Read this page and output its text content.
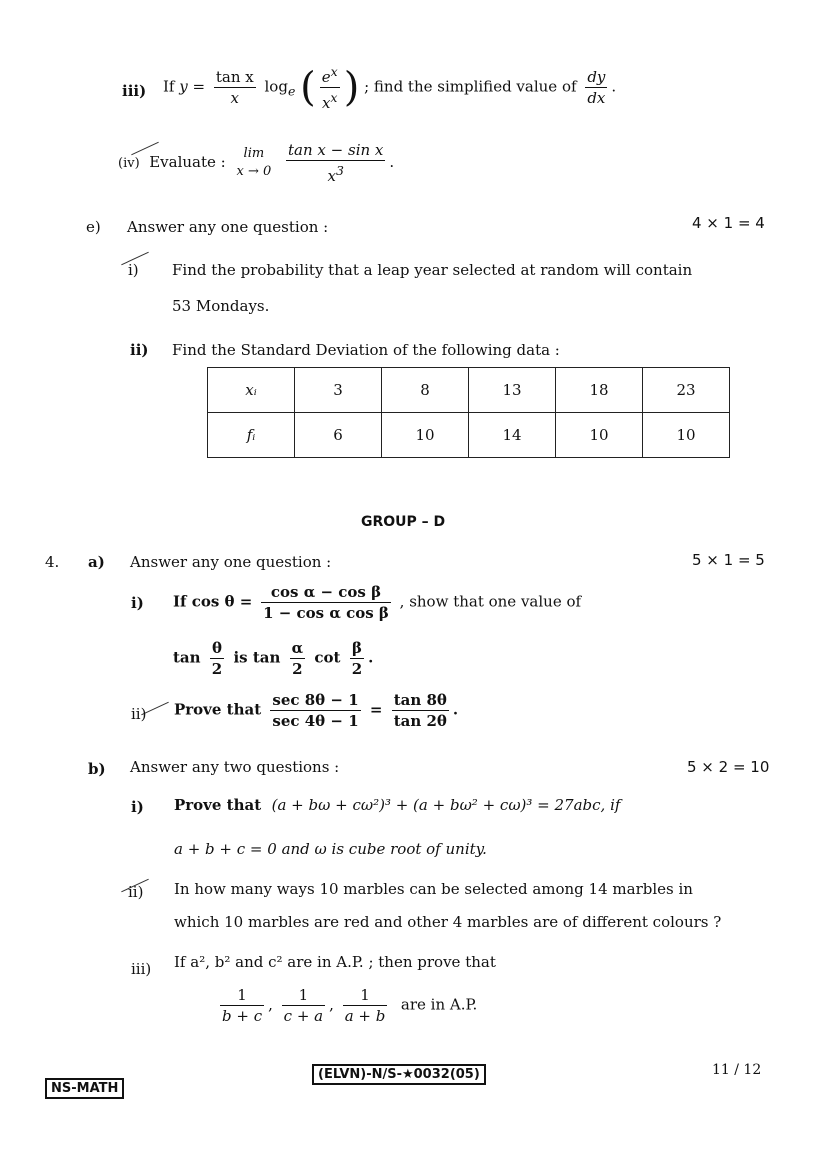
iii) If $y = \frac{\text{tan x}}{x} \log_e$ ( $\frac{e^x}{x^x}$ ) ; find the simplified value of $\frac{dy}{dx}$ .
(iv) Evaluate :	lim
x → 0
$\frac{\text{tan x − sin x}}{x^3}$ .
e) Answer any one question :	4 × 1 = 4
i) Find the probability that a leap year selected at random will contain
53 Mondays.
ii) Find the Standard Deviation of the following data :
xᵢ	3	8	13	18	23
fᵢ	6	10	14	10	10
GROUP – D
4. a) Answer any one question :	5 × 1 = 5
i) If $\cos \theta = \frac{\text{cos α − cos β}}{\text{1 − cos α cos β}}$ , show that one value of
$\tan \frac{\theta}{2}$ is $\tan \frac{\alpha}{2}$ $\cot \frac{\beta}{2}$ .
ii) Prove that $\frac{\sec 8\theta - 1}{\sec 4\theta - 1} = \frac{\tan 8\theta}{\tan 2\theta}$ .
b) Answer any two questions :	5 × 2 = 10
i) Prove that (a + bω + cω²)³ + (a + bω² + cω)³ = 27abc, if
a + b + c = 0 and ω is cube root of unity.
ii) In how many ways 10 marbles can be selected among 14 marbles in
which 10 marbles are red and other 4 marbles are of different colours ?
iii) If a², b² and c² are in A.P. ; then prove that
$\frac{1}{b + c}$ , $\frac{1}{c + a}$ , $\frac{1}{a + b}$ are in A.P.
NS-MATH
(ELVN)-N/S-★0032(05)	11 / 12
